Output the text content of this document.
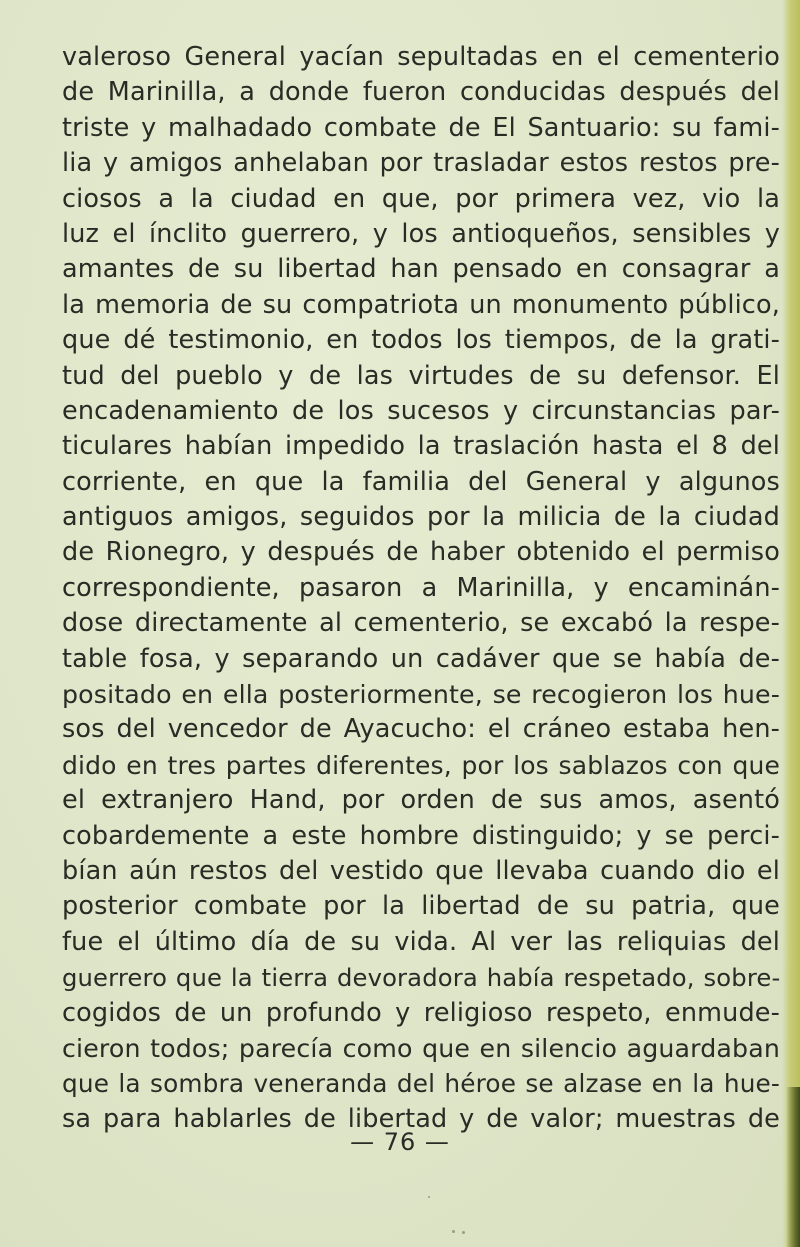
valeroso General yacían sepultadas en el cementerio
de Marinilla, a donde fueron conducidas después del
triste y malhadado combate de El Santuario: su fami-
lia y amigos anhelaban por trasladar estos restos pre-
ciosos a la ciudad en que, por primera vez, vio la
luz el ínclito guerrero, y los antioqueños, sensibles y
amantes de su libertad han pensado en consagrar a
la memoria de su compatriota un monumento público,
que dé testimonio, en todos los tiempos, de la grati-
tud del pueblo y de las virtudes de su defensor. El
encadenamiento de los sucesos y circunstancias par-
ticulares habían impedido la traslación hasta el 8 del
corriente, en que la familia del General y algunos
antiguos amigos, seguidos por la milicia de la ciudad
de Rionegro, y después de haber obtenido el permiso
correspondiente, pasaron a Marinilla, y encaminán-
dose directamente al cementerio, se excabó la respe-
table fosa, y separando un cadáver que se había de-
positado en ella posteriormente, se recogieron los hue-
sos del vencedor de Ayacucho: el cráneo estaba hen-
dido en tres partes diferentes, por los sablazos con que
el extranjero Hand, por orden de sus amos, asentó
cobardemente a este hombre distinguido; y se perci-
bían aún restos del vestido que llevaba cuando dio el
posterior combate por la libertad de su patria, que
fue el último día de su vida. Al ver las reliquias del
guerrero que la tierra devoradora había respetado, sobre-
cogidos de un profundo y religioso respeto, enmude-
cieron todos; parecía como que en silencio aguardaban
que la sombra veneranda del héroe se alzase en la hue-
sa para hablarles de libertad y de valor; muestras de
— 76 —
